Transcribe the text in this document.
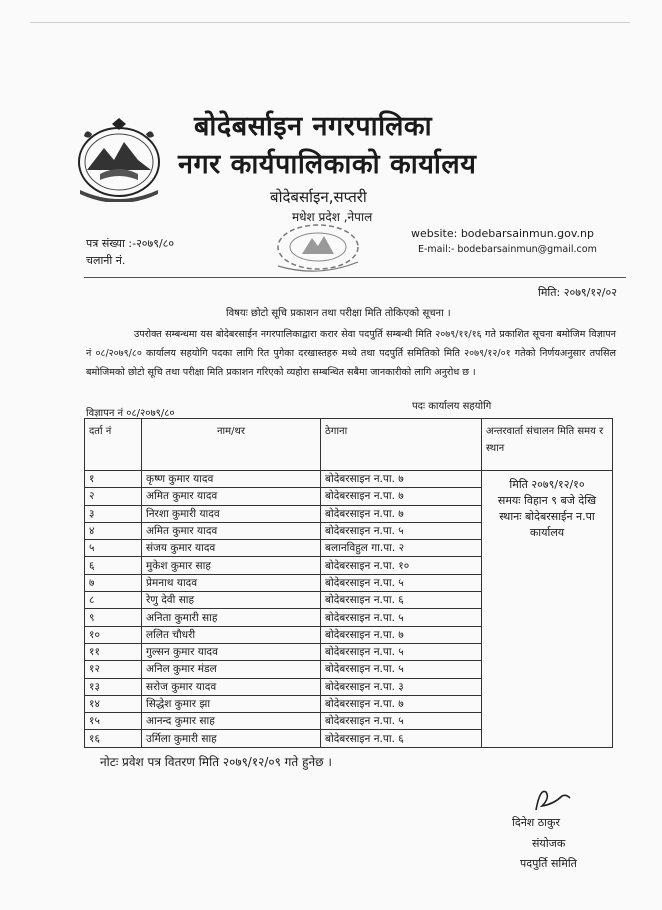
बोदेबर्साइन नगरपालिका
नगर कार्यपालिकाको कार्यालय
बोदेबर्साइन,सप्तरी
मधेश प्रदेश ,नेपाल
website: bodebarsainmun.gov.np
E-mail:- bodebarsainmun@gmail.com
पत्र संख्या :-२०७९/८०
चलानी नं.
मिति: २०७९/१२/०२
विषयः छोटो सूचि प्रकाशन तथा परीक्षा मिति तोकिएको सूचना ।

उपरोक्त सम्बन्धमा यस बोदेबरसाईन नगरपालिकाद्वारा करार सेवा पदपुर्ति सम्बन्धी मिति २०७९/११/१६ गते प्रकाशित सूचना बमोजिम विज्ञापन नं ०८/२०७९/८० कार्यालय सहयोगि पदका लागि रित पुगेका दरखास्तहरु मध्ये तथा पदपुर्ति समितिको मिति २०७९/१२/०१ गतेको निर्णयअनुसार तपसिल बमोजिमको छोटो सूचि तथा परीक्षा मिति प्रकाशन गरिएको व्यहोरा सम्बन्धित सबैमा जानकारीको लागि अनुरोध छ ।

विज्ञापन नं ०८/२०७९/८०
पदः कार्यालय सहयोगि
दर्ता नं	नाम/थर	ठेगाना	अन्तरवार्ता संचालन मिति समय र स्थान
१	कृष्ण कुमार यादव	बोदेबरसाइन न.पा. ७	मिति २०७९/१२/१०
समयः विहान ९ बजे देखि
स्थानः बोदेबरसाईन न.पा कार्यालय

२	अमित कुमार यादव	बोदेबरसाइन न.पा. ७	
३	निरशा कुमारी यादव	बोदेबरसाइन न.पा. ७	
४	अमित कुमार यादव	बोदेबरसाइन न.पा. ५	
५	संजय कुमार यादव	बलानविहुल गा.पा. २	
६	मुकेश कुमार साह	बोदेबरसाइन न.पा. १०	
७	प्रेमनाथ यादव	बोदेबरसाइन न.पा. ५	
८	रेणु देवी साह	बोदेबरसाइन न.पा. ६	
९	अनिता कुमारी साह	बोदेबरसाइन न.पा. ५	
१०	ललित चौधरी	बोदेबरसाइन न.पा. ७	
११	गुल्सन कुमार यादव	बोदेबरसाइन न.पा. ५	
१२	अनिल कुमार मंडल	बोदेबरसाइन न.पा. ५	
१३	सरोज कुमार यादव	बोदेबरसाइन न.पा. ३	
१४	सिद्धेश कुमार झा	बोदेबरसाइन न.पा. ७	
१५	आनन्द कुमार साह	बोदेबरसाइन न.पा. ५	
१६	उर्मिला कुमारी साह	बोदेबरसाइन न.पा. ६	
नोटः प्रवेश पत्र वितरण मिति २०७९/१२/०९ गते हुनेछ ।
दिनेश ठाकुर
संयोजक
पदपुर्ति समिति
